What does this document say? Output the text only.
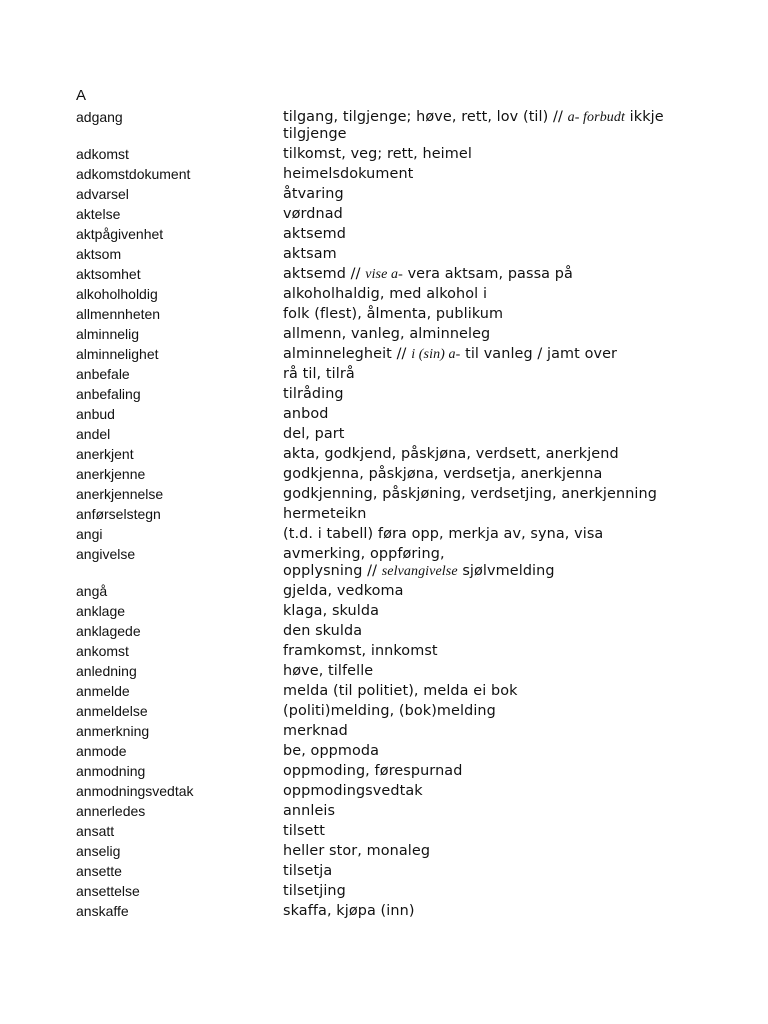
A
adgang	tilgang, tilgjenge; høve, rett, lov (til) // a- forbudt ikkje tilgjenge
adkomst	tilkomst, veg; rett, heimel
adkomstdokument	heimelsdokument
advarsel	åtvaring
aktelse	vørdnad
aktpågivenhet	aktsemd
aktsom	aktsam
aktsomhet	aktsemd // vise a- vera aktsam, passa på
alkoholholdig	alkoholhaldig, med alkohol i
allmennheten	folk (flest), ålmenta, publikum
alminnelig	allmenn, vanleg, alminneleg
alminnelighet	alminnelegheit // i (sin) a- til vanleg / jamt over
anbefale	rå til, tilrå
anbefaling	tilråding
anbud	anbod
andel	del, part
anerkjent	akta, godkjend, påskjøna, verdsett, anerkjend
anerkjenne	godkjenna, påskjøna, verdsetja, anerkjenna
anerkjennelse	godkjenning, påskjøning, verdsetjing, anerkjenning
anførselstegn	hermeteikn
angi	(t.d. i tabell) føra opp, merkja av, syna, visa
angivelse	avmerking, oppføring,
opplysning // selvangivelse sjølvmelding
angå	gjelda, vedkoma
anklage	klaga, skulda
anklagede	den skulda
ankomst	framkomst, innkomst
anledning	høve, tilfelle
anmelde	melda (til politiet), melda ei bok
anmeldelse	(politi)melding, (bok)melding
anmerkning	merknad
anmode	be, oppmoda
anmodning	oppmoding, førespurnad
anmodningsvedtak	oppmodingsvedtak
annerledes	annleis
ansatt	tilsett
anselig	heller stor, monaleg
ansette	tilsetja
ansettelse	tilsetjing
anskaffe	skaffa, kjøpa (inn)
